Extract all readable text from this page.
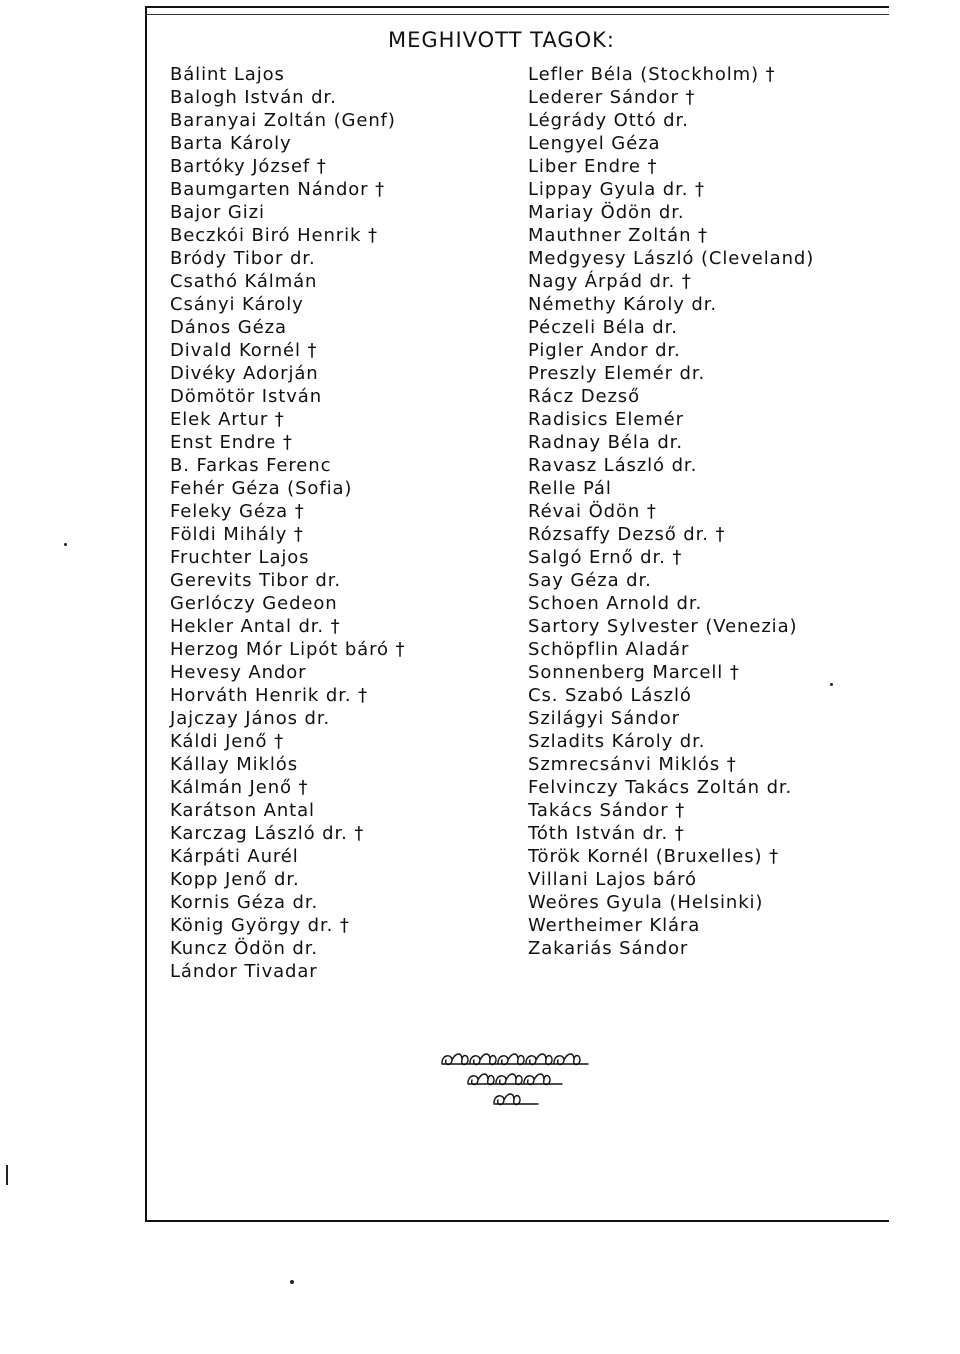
MEGHIVOTT TAGOK:
Bálint Lajos
Balogh István dr.
Baranyai Zoltán (Genf)
Barta Károly
Bartóky József †
Baumgarten Nándor †
Bajor Gizi
Beczkói Biró Henrik †
Bródy Tibor dr.
Csathó Kálmán
Csányi Károly
Dános Géza
Divald Kornél †
Divéky Adorján
Dömötör István
Elek Artur †
Enst Endre †
B. Farkas Ferenc
Fehér Géza (Sofia)
Feleky Géza †
Földi Mihály †
Fruchter Lajos
Gerevits Tibor dr.
Gerlóczy Gedeon
Hekler Antal dr. †
Herzog Mór Lipót báró †
Hevesy Andor
Horváth Henrik dr. †
Jajczay János dr.
Káldi Jenő †
Kállay Miklós
Kálmán Jenő †
Karátson Antal
Karczag László dr. †
Kárpáti Aurél
Kopp Jenő dr.
Kornis Géza dr.
König György dr. †
Kuncz Ödön dr.
Lándor Tivadar
Lefler Béla (Stockholm) †
Lederer Sándor †
Légrády Ottó dr.
Lengyel Géza
Liber Endre †
Lippay Gyula dr. †
Mariay Ödön dr.
Mauthner Zoltán †
Medgyesy László (Cleveland)
Nagy Árpád dr. †
Némethy Károly dr.
Péczeli Béla dr.
Pigler Andor dr.
Preszly Elemér dr.
Rácz Dezső
Radisics Elemér
Radnay Béla dr.
Ravasz László dr.
Relle Pál
Révai Ödön †
Rózsaffy Dezső dr. †
Salgó Ernő dr. †
Say Géza dr.
Schoen Arnold dr.
Sartory Sylvester (Venezia)
Schöpflin Aladár
Sonnenberg Marcell †
Cs. Szabó László
Szilágyi Sándor
Szladits Károly dr.
Szmrecsánvi Miklós †
Felvinczy Takács Zoltán dr.
Takács Sándor †
Tóth István dr. †
Török Kornél (Bruxelles) †
Villani Lajos báró
Weöres Gyula (Helsinki)
Wertheimer Klára
Zakariás Sándor
